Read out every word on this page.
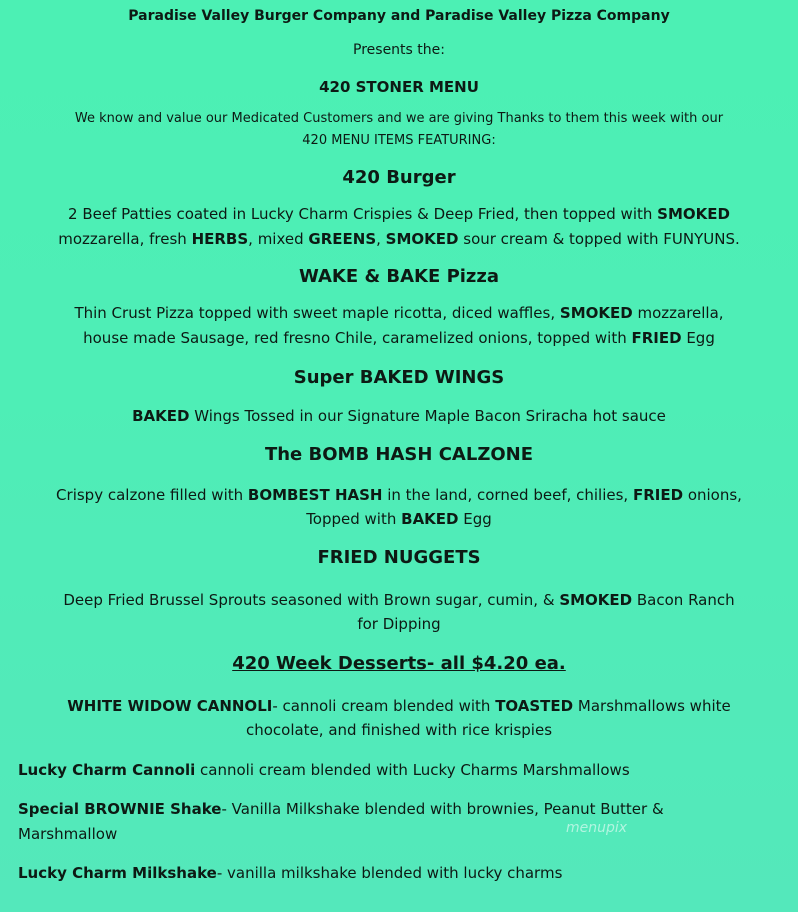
Paradise Valley Burger Company and Paradise Valley Pizza Company
Presents the:
420 STONER MENU
We know and value our Medicated Customers and we are giving Thanks to them this week with our
420 MENU ITEMS FEATURING:
420 Burger
2 Beef Patties coated in Lucky Charm Crispies & Deep Fried, then topped with SMOKED
mozzarella, fresh HERBS, mixed GREENS, SMOKED sour cream & topped with FUNYUNS.
WAKE & BAKE Pizza
Thin Crust Pizza topped with sweet maple ricotta, diced waffles, SMOKED mozzarella,
house made Sausage, red fresno Chile, caramelized onions, topped with FRIED Egg
Super BAKED WINGS
BAKED Wings Tossed in our Signature Maple Bacon Sriracha hot sauce
The BOMB HASH CALZONE
Crispy calzone filled with BOMBEST HASH in the land, corned beef, chilies, FRIED onions,
Topped with BAKED Egg
FRIED NUGGETS
Deep Fried Brussel Sprouts seasoned with Brown sugar, cumin, & SMOKED Bacon Ranch
for Dipping
420 Week Desserts- all $4.20 ea.
WHITE WIDOW CANNOLI- cannoli cream blended with TOASTED Marshmallows white
chocolate, and finished with rice krispies
Lucky Charm Cannoli cannoli cream blended with Lucky Charms Marshmallows
Special BROWNIE Shake- Vanilla Milkshake blended with brownies, Peanut Butter &
Marshmallow
Lucky Charm Milkshake- vanilla milkshake blended with lucky charms
menupix
